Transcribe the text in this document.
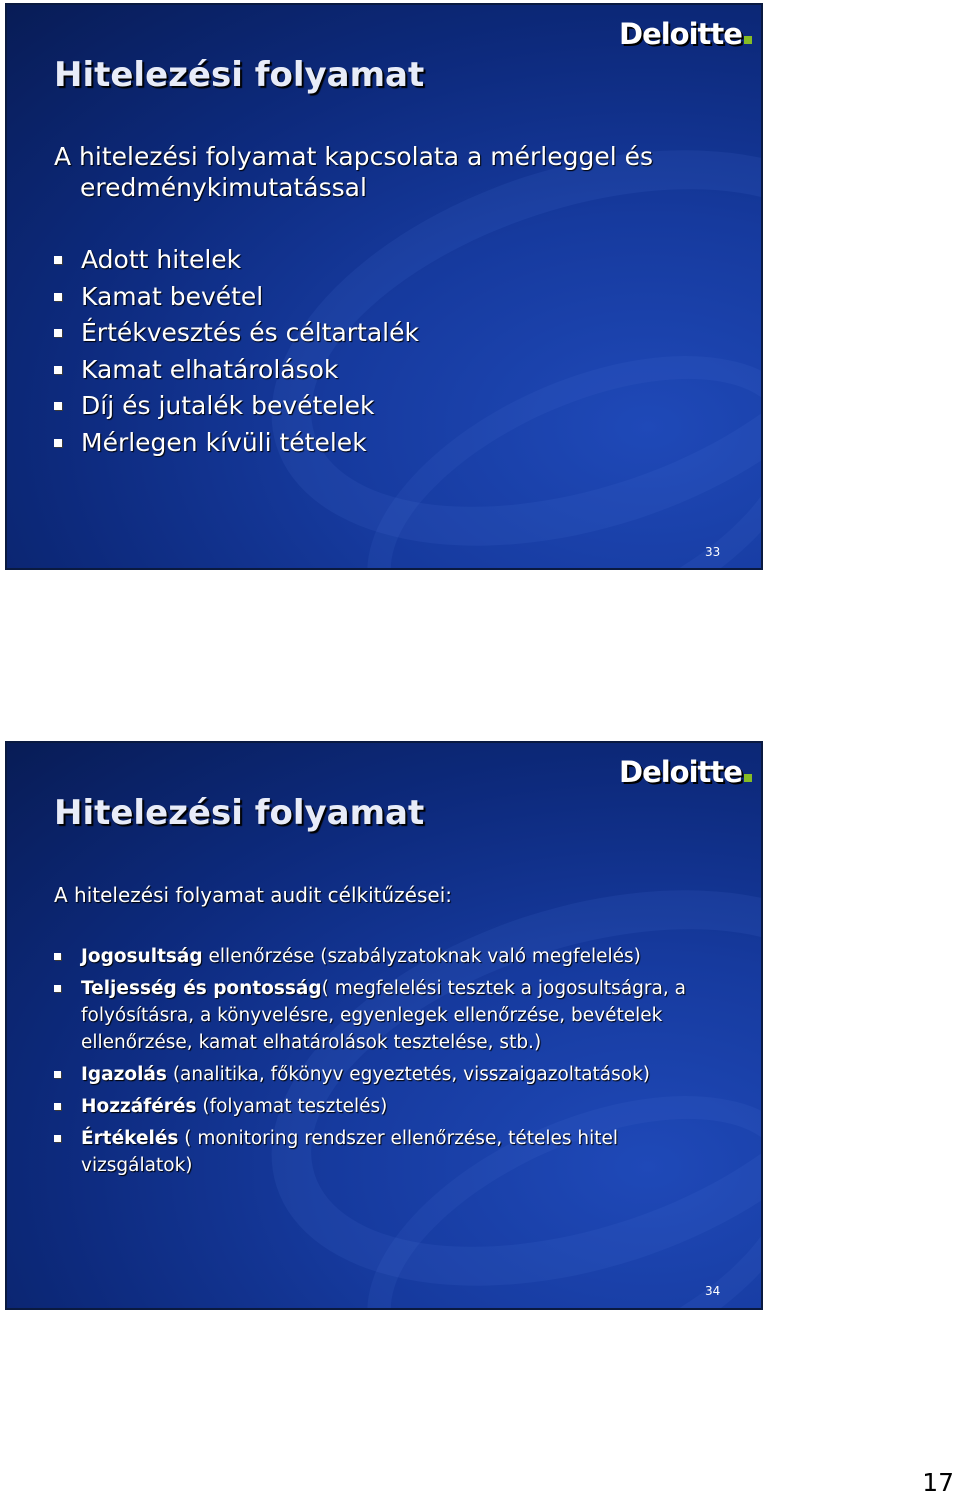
Deloitte
Hitelezési folyamat
A hitelezési folyamat kapcsolata a mérleggel és eredménykimutatással
Adott hitelek
Kamat bevétel
Értékvesztés és céltartalék
Kamat elhatárolások
Díj és jutalék bevételek
Mérlegen kívüli tételek
33
Deloitte
Hitelezési folyamat
A hitelezési folyamat audit célkitűzései:
Jogosultság ellenőrzése (szabályzatoknak való megfelelés)
Teljesség és pontosság( megfelelési tesztek a jogosultságra, a folyósításra, a könyvelésre, egyenlegek ellenőrzése, bevételek ellenőrzése, kamat elhatárolások tesztelése, stb.)
Igazolás (analitika, főkönyv egyeztetés, visszaigazoltatások)
Hozzáférés (folyamat tesztelés)
Értékelés ( monitoring rendszer ellenőrzése, tételes hitel vizsgálatok)
34
17
